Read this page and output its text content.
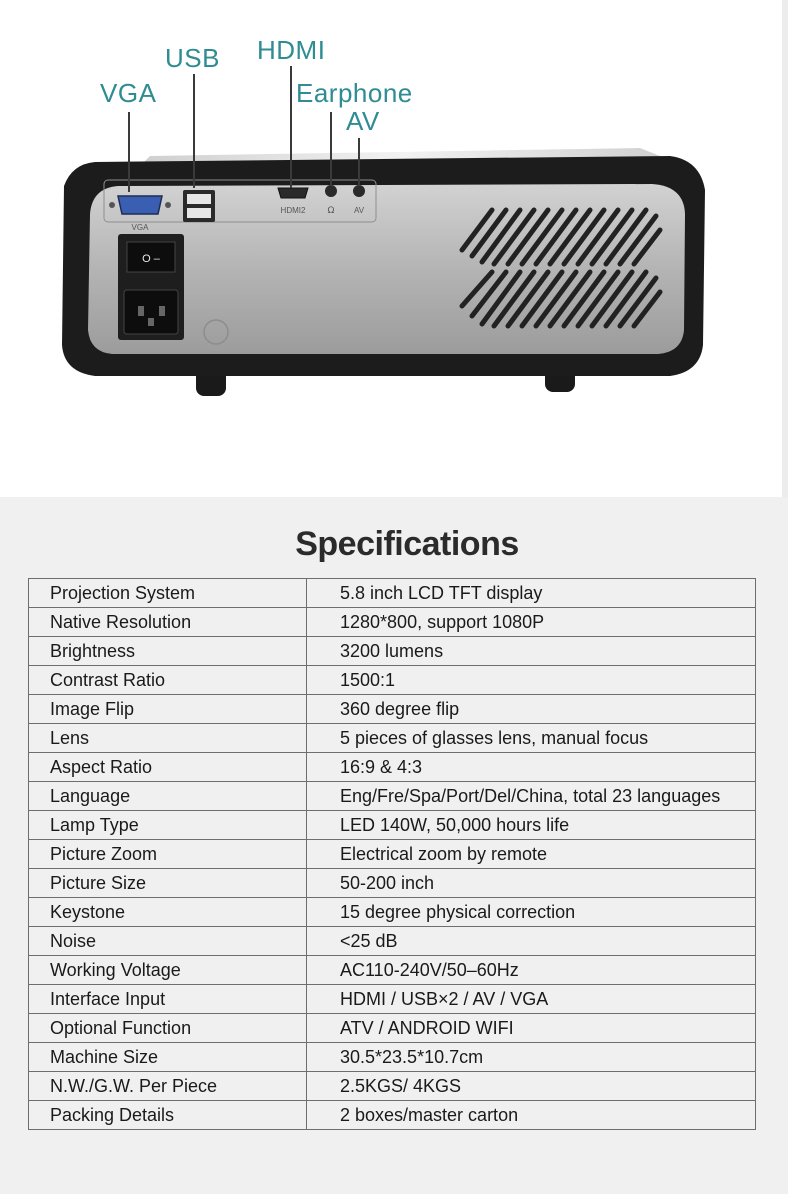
VGA
HDMI2 Ω AV
O –
VGA
USB HDMI
Earphone
AV
Specifications
Projection System	5.8 inch LCD TFT display
Native Resolution	1280*800, support 1080P
Brightness	3200 lumens
Contrast Ratio	1500:1
Image Flip	360 degree flip
Lens	5 pieces of glasses lens, manual focus
Aspect Ratio	16:9 & 4:3
Language	Eng/Fre/Spa/Port/Del/China, total 23 languages
Lamp Type	LED 140W, 50,000 hours life
Picture Zoom	Electrical zoom by remote
Picture Size	50-200 inch
Keystone	15 degree physical correction
Noise	<25 dB
Working Voltage	AC110-240V/50–60Hz
Interface Input	HDMI / USB×2 / AV / VGA
Optional Function	ATV / ANDROID WIFI
Machine Size	30.5*23.5*10.7cm
N.W./G.W. Per Piece	2.5KGS/ 4KGS
Packing Details	2 boxes/master carton
